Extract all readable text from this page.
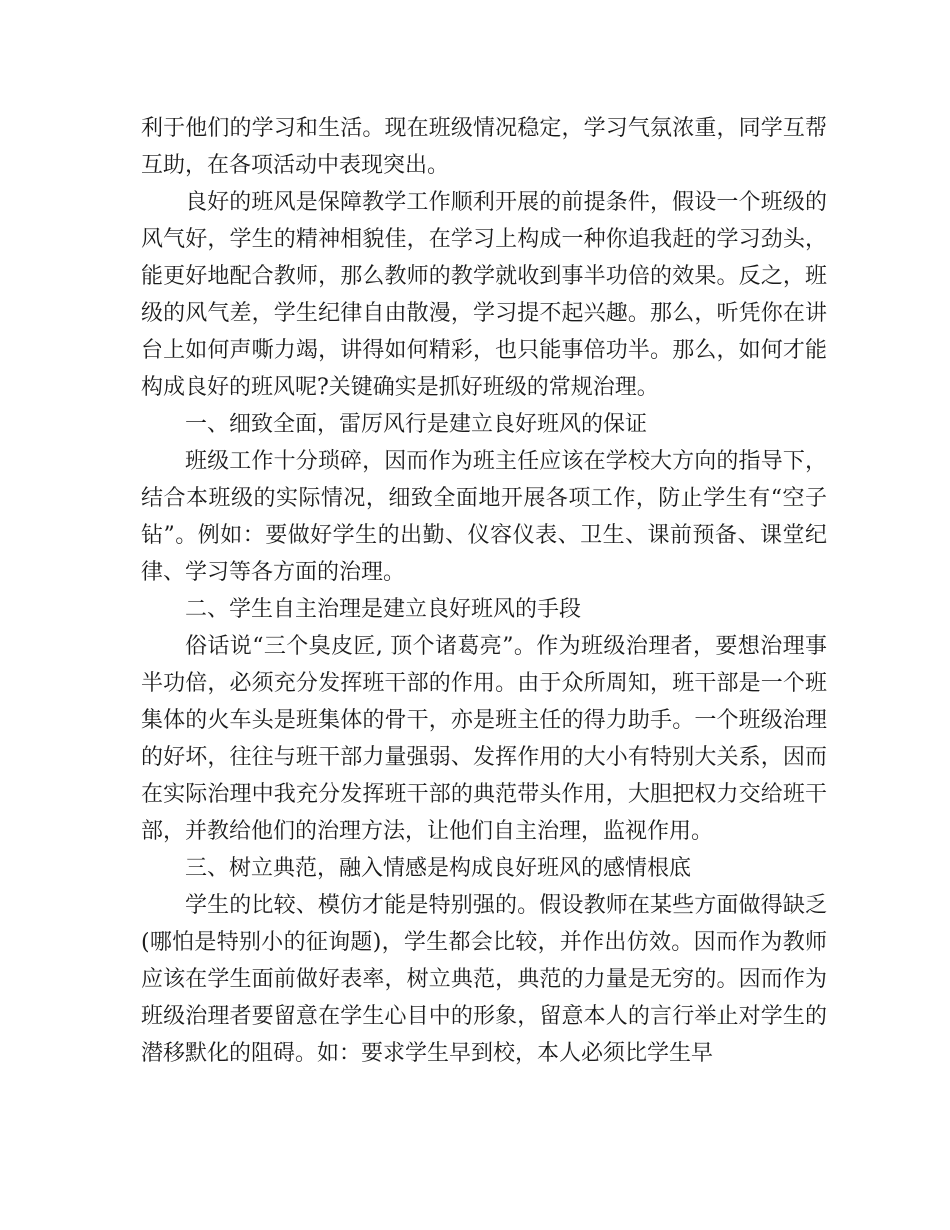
利于他们的学习和生活。现在班级情况稳定，学习气氛浓重，同学互帮互助，在各项活动中表现突出。

良好的班风是保障教学工作顺利开展的前提条件，假设一个班级的风气好，学生的精神相貌佳，在学习上构成一种你追我赶的学习劲头，能更好地配合教师，那么教师的教学就收到事半功倍的效果。反之，班级的风气差，学生纪律自由散漫，学习提不起兴趣。那么，听凭你在讲台上如何声嘶力竭，讲得如何精彩，也只能事倍功半。那么，如何才能构成良好的班风呢?关键确实是抓好班级的常规治理。

一、细致全面，雷厉风行是建立良好班风的保证

班级工作十分琐碎，因而作为班主任应该在学校大方向的指导下，结合本班级的实际情况，细致全面地开展各项工作，防止学生有“空子钻”。例如：要做好学生的出勤、仪容仪表、卫生、课前预备、课堂纪律、学习等各方面的治理。

二、学生自主治理是建立良好班风的手段

俗话说“三个臭皮匠, 顶个诸葛亮”。作为班级治理者，要想治理事半功倍，必须充分发挥班干部的作用。由于众所周知，班干部是一个班集体的火车头是班集体的骨干，亦是班主任的得力助手。一个班级治理的好坏，往往与班干部力量强弱、发挥作用的大小有特别大关系，因而在实际治理中我充分发挥班干部的典范带头作用，大胆把权力交给班干部，并教给他们的治理方法，让他们自主治理，监视作用。

三、树立典范，融入情感是构成良好班风的感情根底

学生的比较、模仿才能是特别强的。假设教师在某些方面做得缺乏(哪怕是特别小的征询题)，学生都会比较，并作出仿效。因而作为教师应该在学生面前做好表率，树立典范，典范的力量是无穷的。因而作为班级治理者要留意在学生心目中的形象，留意本人的言行举止对学生的潜移默化的阻碍。如：要求学生早到校，本人必须比学生早
